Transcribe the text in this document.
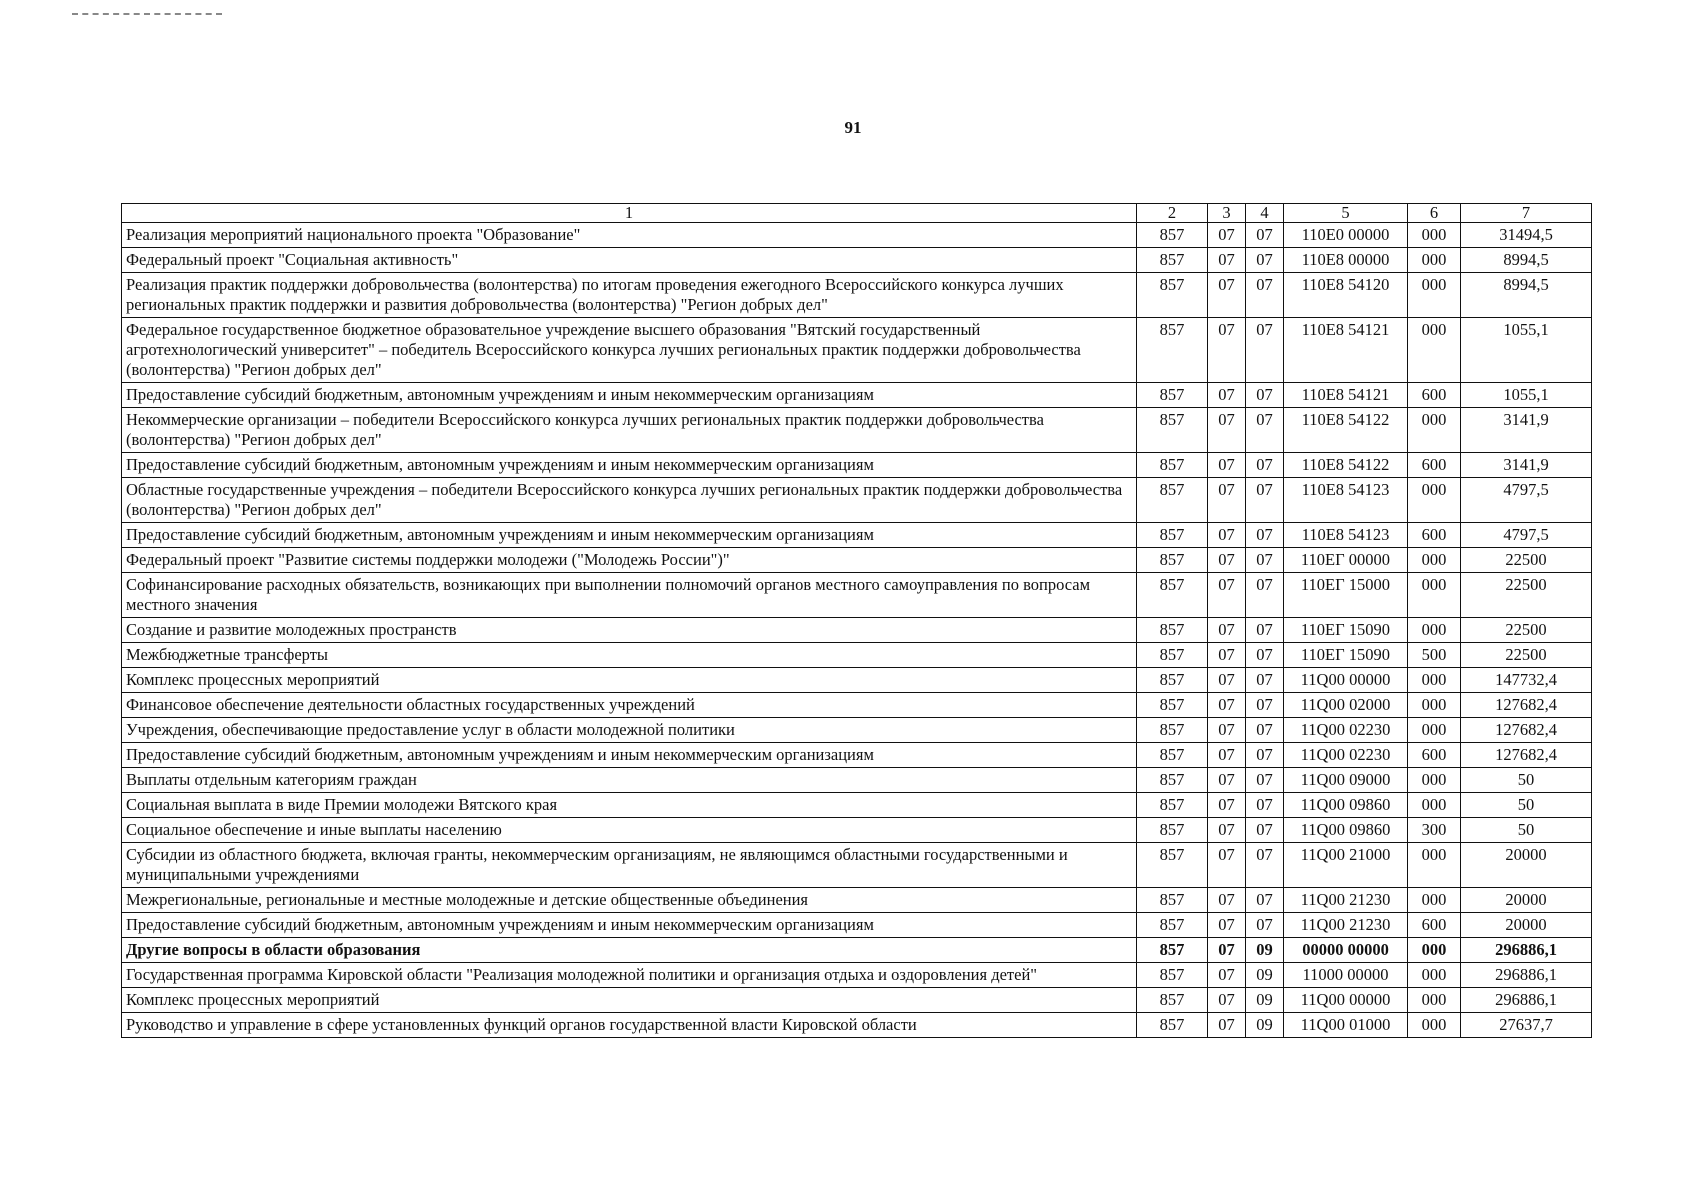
91
1	2	3	4	5	6	7
Реализация мероприятий национального проекта "Образование"	857	07	07	110Е0 00000	000	31494,5
Федеральный проект "Социальная активность"	857	07	07	110Е8 00000	000	8994,5
Реализация практик поддержки добровольчества (волонтерства) по итогам проведения ежегодного Всероссийского конкурса лучших региональных практик поддержки и развития добровольчества (волонтерства) "Регион добрых дел"	857	07	07	110Е8 54120	000	8994,5
Федеральное государственное бюджетное образовательное учреждение высшего образования "Вятский государственный агротехнологический университет" – победитель Всероссийского конкурса лучших региональных практик поддержки добровольчества (волонтерства) "Регион добрых дел"	857	07	07	110Е8 54121	000	1055,1
Предоставление субсидий бюджетным, автономным учреждениям и иным некоммерческим организациям	857	07	07	110Е8 54121	600	1055,1
Некоммерческие организации – победители Всероссийского конкурса лучших региональных практик поддержки добровольчества (волонтерства) "Регион добрых дел"	857	07	07	110Е8 54122	000	3141,9
Предоставление субсидий бюджетным, автономным учреждениям и иным некоммерческим организациям	857	07	07	110Е8 54122	600	3141,9
Областные государственные учреждения – победители Всероссийского конкурса лучших региональных практик поддержки добровольчества (волонтерства) "Регион добрых дел"	857	07	07	110Е8 54123	000	4797,5
Предоставление субсидий бюджетным, автономным учреждениям и иным некоммерческим организациям	857	07	07	110Е8 54123	600	4797,5
Федеральный проект "Развитие системы поддержки молодежи ("Молодежь России")"	857	07	07	110ЕГ 00000	000	22500
Софинансирование расходных обязательств, возникающих при выполнении полномочий органов местного самоуправления по вопросам местного значения	857	07	07	110ЕГ 15000	000	22500
Создание и развитие молодежных пространств	857	07	07	110ЕГ 15090	000	22500
Межбюджетные трансферты	857	07	07	110ЕГ 15090	500	22500
Комплекс процессных мероприятий	857	07	07	11Q00 00000	000	147732,4
Финансовое обеспечение деятельности областных государственных учреждений	857	07	07	11Q00 02000	000	127682,4
Учреждения, обеспечивающие предоставление услуг в области молодежной политики	857	07	07	11Q00 02230	000	127682,4
Предоставление субсидий бюджетным, автономным учреждениям и иным некоммерческим организациям	857	07	07	11Q00 02230	600	127682,4
Выплаты отдельным категориям граждан	857	07	07	11Q00 09000	000	50
Социальная выплата в виде Премии молодежи Вятского края	857	07	07	11Q00 09860	000	50
Социальное обеспечение и иные выплаты населению	857	07	07	11Q00 09860	300	50
Субсидии из областного бюджета, включая гранты, некоммерческим организациям, не являющимся областными государственными и муниципальными учреждениями	857	07	07	11Q00 21000	000	20000
Межрегиональные, региональные и местные молодежные и детские общественные объединения	857	07	07	11Q00 21230	000	20000
Предоставление субсидий бюджетным, автономным учреждениям и иным некоммерческим организациям	857	07	07	11Q00 21230	600	20000
Другие вопросы в области образования	857	07	09	00000 00000	000	296886,1
Государственная программа Кировской области "Реализация молодежной политики и организация отдыха и оздоровления детей"	857	07	09	11000 00000	000	296886,1
Комплекс процессных мероприятий	857	07	09	11Q00 00000	000	296886,1
Руководство и управление в сфере установленных функций органов государственной власти Кировской области	857	07	09	11Q00 01000	000	27637,7
